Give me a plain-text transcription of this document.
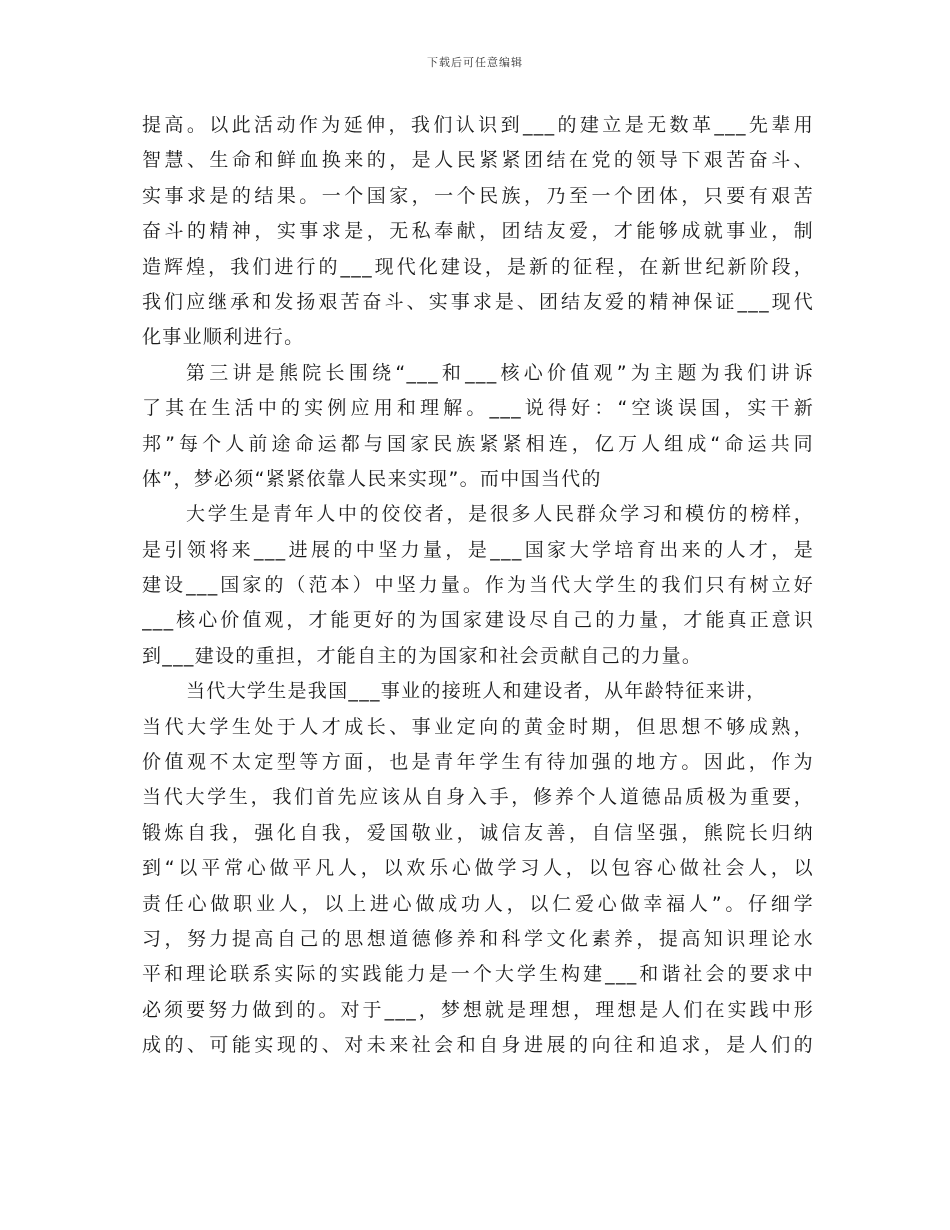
下载后可任意编辑
提高。以此活动作为延伸，我们认识到___的建立是无数革___先辈用
智慧、生命和鲜血换来的，是人民紧紧团结在党的领导下艰苦奋斗、
实事求是的结果。一个国家，一个民族，乃至一个团体，只要有艰苦
奋斗的精神，实事求是，无私奉献，团结友爱，才能够成就事业，制
造辉煌，我们进行的___现代化建设，是新的征程，在新世纪新阶段，
我们应继承和发扬艰苦奋斗、实事求是、团结友爱的精神保证___现代
化事业顺利进行。
第三讲是熊院长围绕“___和___核心价值观”为主题为我们讲诉
了其在生活中的实例应用和理解。___说得好：“空谈误国，实干新
邦”每个人前途命运都与国家民族紧紧相连，亿万人组成“命运共同
体”，梦必须“紧紧依靠人民来实现”。而中国当代的
大学生是青年人中的佼佼者，是很多人民群众学习和模仿的榜样，
是引领将来___进展的中坚力量，是___国家大学培育出来的人才，是
建设___国家的（范本）中坚力量。作为当代大学生的我们只有树立好
___核心价值观，才能更好的为国家建设尽自己的力量，才能真正意识
到___建设的重担，才能自主的为国家和社会贡献自己的力量。
当代大学生是我国___事业的接班人和建设者，从年龄特征来讲，
当代大学生处于人才成长、事业定向的黄金时期，但思想不够成熟，
价值观不太定型等方面，也是青年学生有待加强的地方。因此，作为
当代大学生，我们首先应该从自身入手，修养个人道德品质极为重要，
锻炼自我，强化自我，爱国敬业，诚信友善，自信坚强，熊院长归纳
到“以平常心做平凡人，以欢乐心做学习人，以包容心做社会人，以
责任心做职业人，以上进心做成功人，以仁爱心做幸福人”。仔细学
习，努力提高自己的思想道德修养和科学文化素养，提高知识理论水
平和理论联系实际的实践能力是一个大学生构建___和谐社会的要求中
必须要努力做到的。对于___，梦想就是理想，理想是人们在实践中形
成的、可能实现的、对未来社会和自身进展的向往和追求，是人们的
